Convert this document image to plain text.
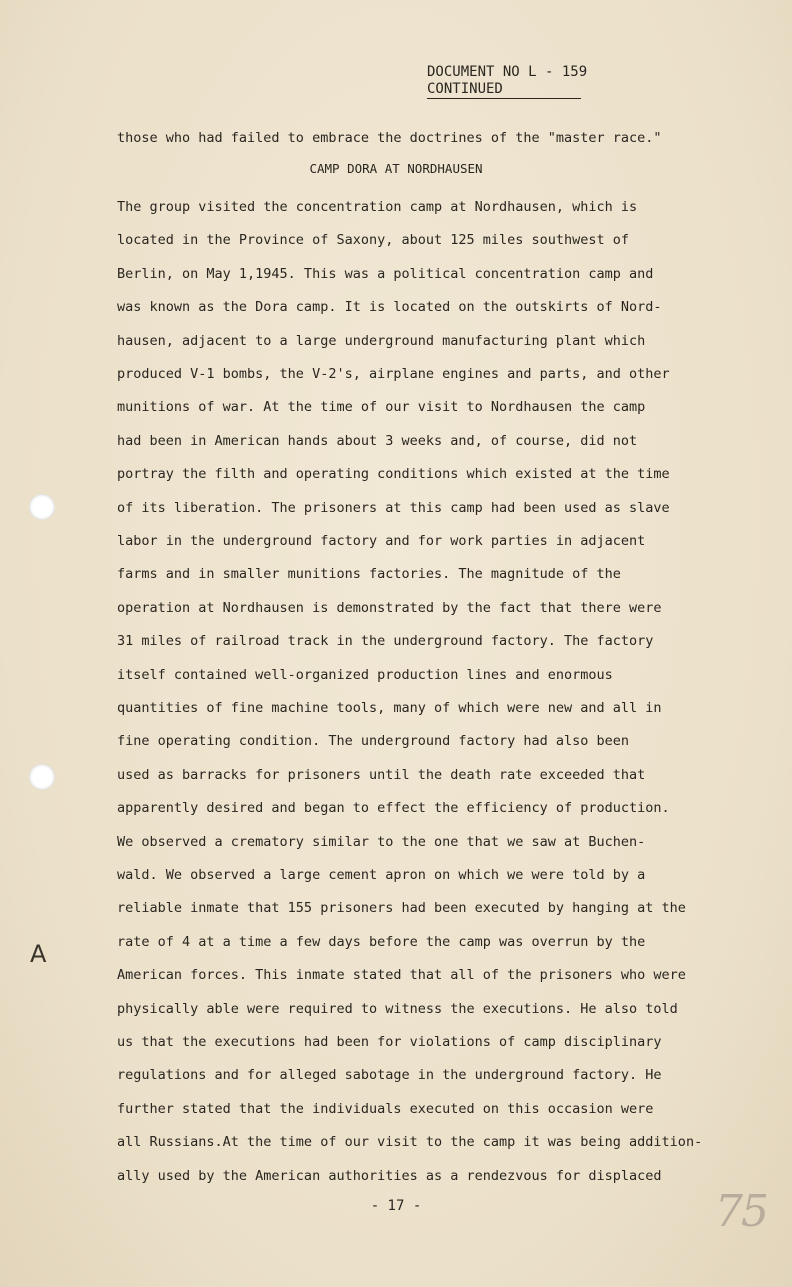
DOCUMENT NO L - 159
CONTINUED
those who had failed to embrace the doctrines of the "master race."
CAMP DORA AT NORDHAUSEN
The group visited the concentration camp at Nordhausen, which is
located in the Province of Saxony, about 125 miles southwest of
Berlin, on May 1,1945. This was a political concentration camp and
was known as the Dora camp. It is located on the outskirts of Nord-
hausen, adjacent to a large underground manufacturing plant which
produced V-1 bombs, the V-2's, airplane engines and parts, and other
munitions of war. At the time of our visit to Nordhausen the camp
had been in American hands about 3 weeks and, of course, did not
portray the filth and operating conditions which existed at the time
of its liberation. The prisoners at this camp had been used as slave
labor in the underground factory and for work parties in adjacent
farms and in smaller munitions factories. The magnitude of the
operation at Nordhausen is demonstrated by the fact that there were
31 miles of railroad track in the underground factory. The factory
itself contained well-organized production lines and enormous
quantities of fine machine tools, many of which were new and all in
fine operating condition. The underground factory had also been
used as barracks for prisoners until the death rate exceeded that
apparently desired and began to effect the efficiency of production.
We observed a crematory similar to the one that we saw at Buchen-
wald. We observed a large cement apron on which we were told by a
reliable inmate that 155 prisoners had been executed by hanging at the
rate of 4 at a time a few days before the camp was overrun by the
American forces. This inmate stated that all of the prisoners who were
physically able were required to witness the executions. He also told
us that the executions had been for violations of camp disciplinary
regulations and for alleged sabotage in the underground factory. He
further stated that the individuals executed on this occasion were
all Russians.At the time of our visit to the camp it was being addition-
ally used by the American authorities as a rendezvous for displaced
A
- 17 -	75
